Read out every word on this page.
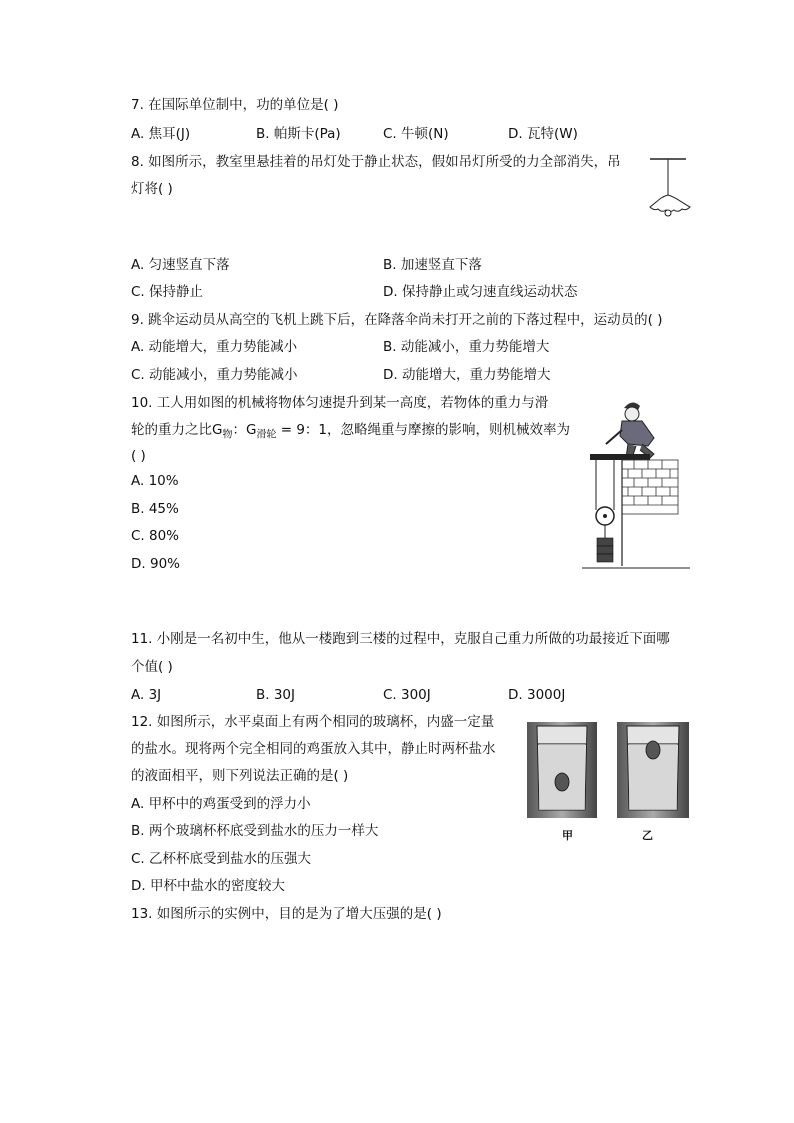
7. 在国际单位制中，功的单位是( )
A. 焦耳(J)	B. 帕斯卡(Pa)	C. 牛顿(N)	D. 瓦特(W)
8. 如图所示，教室里悬挂着的吊灯处于静止状态，假如吊灯所受的力全部消失，吊
灯将( )
A. 匀速竖直下落	B. 加速竖直下落
C. 保持静止	D. 保持静止或匀速直线运动状态
9. 跳伞运动员从高空的飞机上跳下后，在降落伞尚未打开之前的下落过程中，运动员的( )
A. 动能增大，重力势能减小	B. 动能减小，重力势能增大
C. 动能减小，重力势能减小	D. 动能增大，重力势能增大
10. 工人用如图的机械将物体匀速提升到某一高度，若物体的重力与滑
轮的重力之比$G_物$：$G_{滑轮} = 9$：1，忽略绳重与摩擦的影响，则机械效率为
( )
A. 10%
B. 45%
C. 80%
D. 90%
11. 小刚是一名初中生，他从一楼跑到三楼的过程中，克服自己重力所做的功最接近下面哪
个值( )
A. 3J	B. 30J	C. 300J	D. 3000J
12. 如图所示，水平桌面上有两个相同的玻璃杯，内盛一定量
的盐水。现将两个完全相同的鸡蛋放入其中，静止时两杯盐水
的液面相平，则下列说法正确的是( )
A. 甲杯中的鸡蛋受到的浮力小
B. 两个玻璃杯杯底受到盐水的压力一样大
C. 乙杯杯底受到盐水的压强大
D. 甲杯中盐水的密度较大
甲	乙
13. 如图所示的实例中，目的是为了增大压强的是( )
